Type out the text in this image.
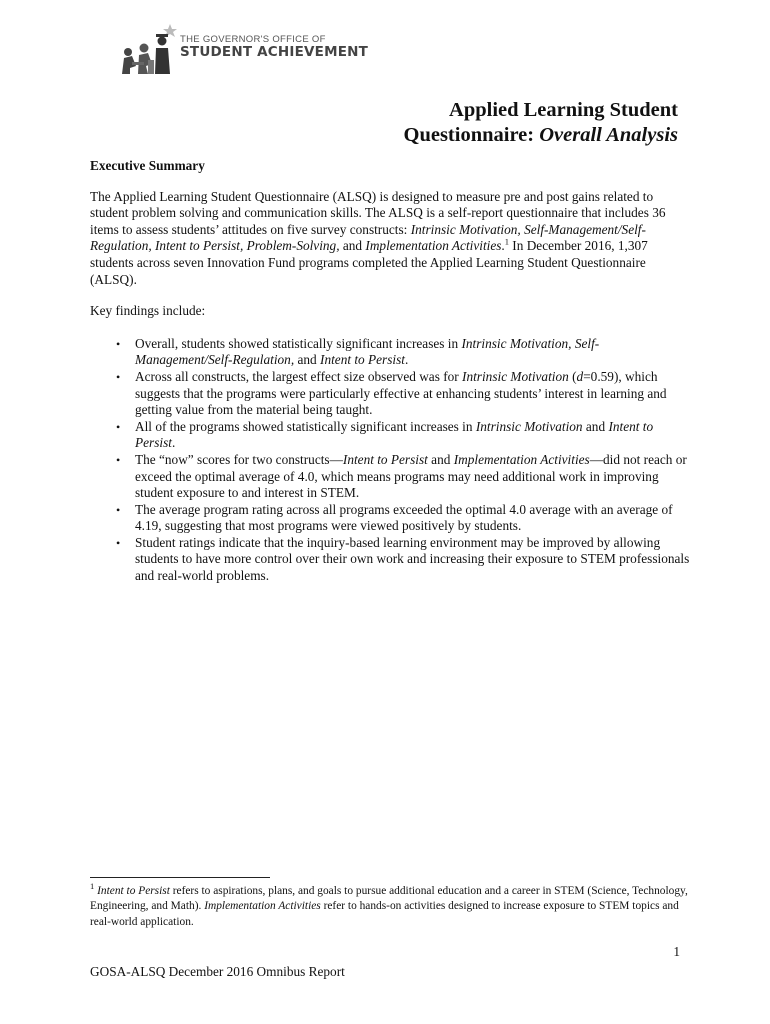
THE GOVERNOR'S OFFICE OF
STUDENT ACHIEVEMENT
Applied Learning Student
Questionnaire: Overall Analysis
Executive Summary

The Applied Learning Student Questionnaire (ALSQ) is designed to measure pre and post gains related to student problem solving and communication skills. The ALSQ is a self-report questionnaire that includes 36 items to assess students’ attitudes on five survey constructs: Intrinsic Motivation, Self-Management/Self-Regulation, Intent to Persist, Problem-Solving, and Implementation Activities.$^1$ In December 2016, 1,307 students across seven Innovation Fund programs completed the Applied Learning Student Questionnaire (ALSQ).

Key findings include:

• Overall, students showed statistically significant increases in Intrinsic Motivation, Self-Management/Self-Regulation, and Intent to Persist.
• Across all constructs, the largest effect size observed was for Intrinsic Motivation (d=0.59), which suggests that the programs were particularly effective at enhancing students’ interest in learning and getting value from the material being taught.
• All of the programs showed statistically significant increases in Intrinsic Motivation and Intent to Persist.
• The “now” scores for two constructs—Intent to Persist and Implementation Activities—did not reach or exceed the optimal average of 4.0, which means programs may need additional work in improving student exposure to and interest in STEM.
• The average program rating across all programs exceeded the optimal 4.0 average with an average of 4.19, suggesting that most programs were viewed positively by students.
• Student ratings indicate that the inquiry-based learning environment may be improved by allowing students to have more control over their own work and increasing their exposure to STEM professionals and real-world problems.
$^1$ Intent to Persist refers to aspirations, plans, and goals to pursue additional education and a career in STEM (Science, Technology, Engineering, and Math). Implementation Activities refer to hands-on activities designed to increase exposure to STEM topics and real-world application.
1
GOSA-ALSQ December 2016 Omnibus Report
